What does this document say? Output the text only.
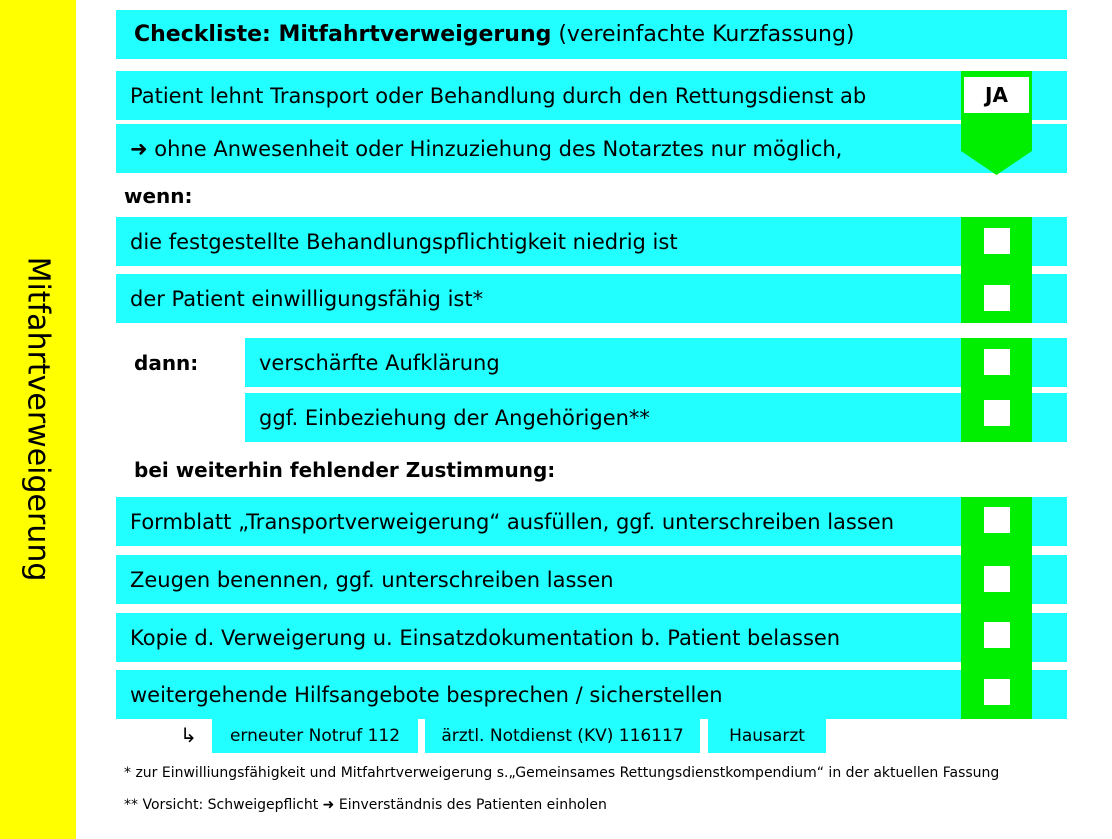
Mitfahrtverweigerung
Checkliste: Mitfahrtverweigerung (vereinfachte Kurzfassung)
Patient lehnt Transport oder Behandlung durch den Rettungsdienst ab
➜ ohne Anwesenheit oder Hinzuziehung des Notarztes nur möglich,
JA
wenn:
die festgestellte Behandlungspflichtigkeit niedrig ist
der Patient einwilligungsfähig ist*
dann:	verschärfte Aufklärung
ggf. Einbeziehung der Angehörigen**
bei weiterhin fehlender Zustimmung:
Formblatt „Transportverweigerung“ ausfüllen, ggf. unterschreiben lassen
Zeugen benennen, ggf. unterschreiben lassen
Kopie d. Verweigerung u. Einsatzdokumentation b. Patient belassen
weitergehende Hilfsangebote besprechen / sicherstellen
↳ erneuter Notruf 112 ärztl. Notdienst (KV) 116117	Hausarzt
* zur Einwilliungsfähigkeit und Mitfahrtverweigerung s.„Gemeinsames Rettungsdienstkompendium“ in der aktuellen Fassung
** Vorsicht: Schweigepflicht ➜ Einverständnis des Patienten einholen
